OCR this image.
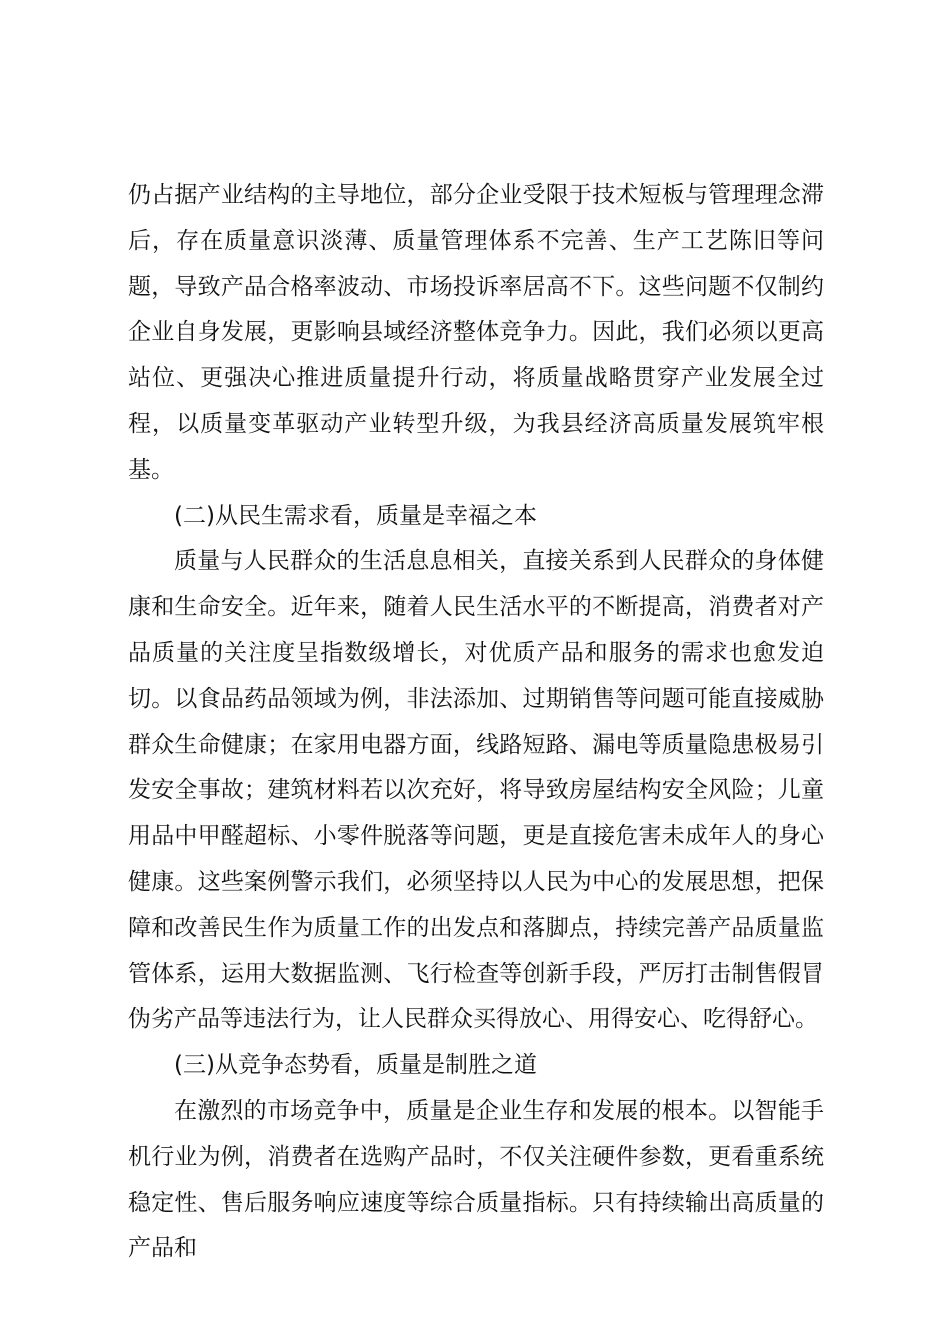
仍占据产业结构的主导地位，部分企业受限于技术短板与管理理念滞后，存在质量意识淡薄、质量管理体系不完善、生产工艺陈旧等问题，导致产品合格率波动、市场投诉率居高不下。这些问题不仅制约企业自身发展，更影响县域经济整体竞争力。因此，我们必须以更高站位、更强决心推进质量提升行动，将质量战略贯穿产业发展全过程，以质量变革驱动产业转型升级，为我县经济高质量发展筑牢根基。

(二)从民生需求看，质量是幸福之本

质量与人民群众的生活息息相关，直接关系到人民群众的身体健康和生命安全。近年来，随着人民生活水平的不断提高，消费者对产品质量的关注度呈指数级增长，对优质产品和服务的需求也愈发迫切。以食品药品领域为例，非法添加、过期销售等问题可能直接威胁群众生命健康；在家用电器方面，线路短路、漏电等质量隐患极易引发安全事故；建筑材料若以次充好，将导致房屋结构安全风险；儿童用品中甲醛超标、小零件脱落等问题，更是直接危害未成年人的身心健康。这些案例警示我们，必须坚持以人民为中心的发展思想，把保障和改善民生作为质量工作的出发点和落脚点，持续完善产品质量监管体系，运用大数据监测、飞行检查等创新手段，严厉打击制售假冒伪劣产品等违法行为，让人民群众买得放心、用得安心、吃得舒心。

(三)从竞争态势看，质量是制胜之道

在激烈的市场竞争中，质量是企业生存和发展的根本。以智能手机行业为例，消费者在选购产品时，不仅关注硬件参数，更看重系统稳定性、售后服务响应速度等综合质量指标。只有持续输出高质量的产品和
